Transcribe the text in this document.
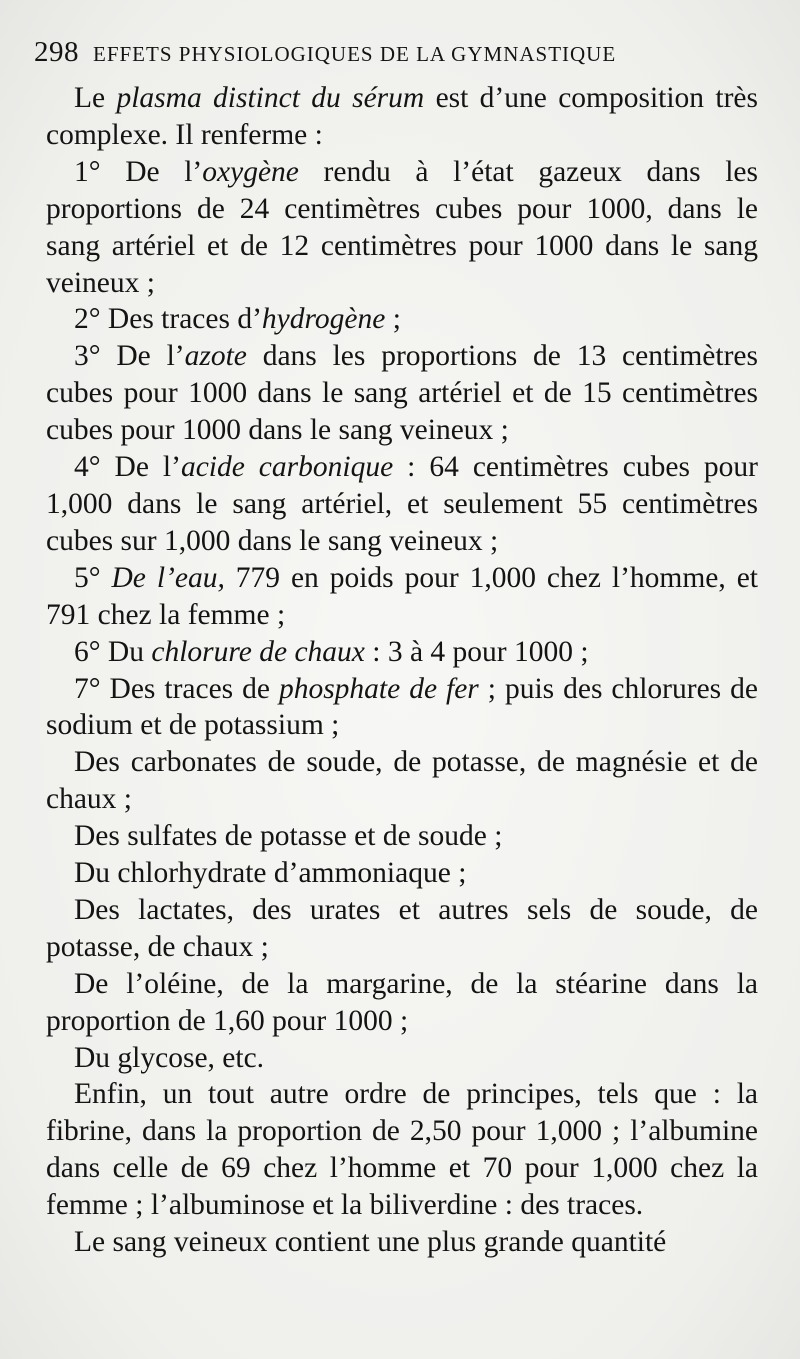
298 EFFETS PHYSIOLOGIQUES DE LA GYMNASTIQUE

Le plasma distinct du sérum est d’une composition très complexe. Il renferme :

1° De l’oxygène rendu à l’état gazeux dans les proportions de 24 centimètres cubes pour 1000, dans le sang artériel et de 12 centimètres pour 1000 dans le sang veineux ;

2° Des traces d’hydrogène ;

3° De l’azote dans les proportions de 13 centimètres cubes pour 1000 dans le sang artériel et de 15 centimètres cubes pour 1000 dans le sang veineux ;

4° De l’acide carbonique : 64 centimètres cubes pour 1,000 dans le sang artériel, et seulement 55 centimètres cubes sur 1,000 dans le sang veineux ;

5° De l’eau, 779 en poids pour 1,000 chez l’homme, et 791 chez la femme ;

6° Du chlorure de chaux : 3 à 4 pour 1000 ;

7° Des traces de phosphate de fer ; puis des chlorures de sodium et de potassium ;

Des carbonates de soude, de potasse, de magnésie et de chaux ;

Des sulfates de potasse et de soude ;

Du chlorhydrate d’ammoniaque ;

Des lactates, des urates et autres sels de soude, de potasse, de chaux ;

De l’oléine, de la margarine, de la stéarine dans la proportion de 1,60 pour 1000 ;

Du glycose, etc.

Enfin, un tout autre ordre de principes, tels que : la fibrine, dans la proportion de 2,50 pour 1,000 ; l’albumine dans celle de 69 chez l’homme et 70 pour 1,000 chez la femme ; l’albuminose et la biliverdine : des traces.

Le sang veineux contient une plus grande quantité
